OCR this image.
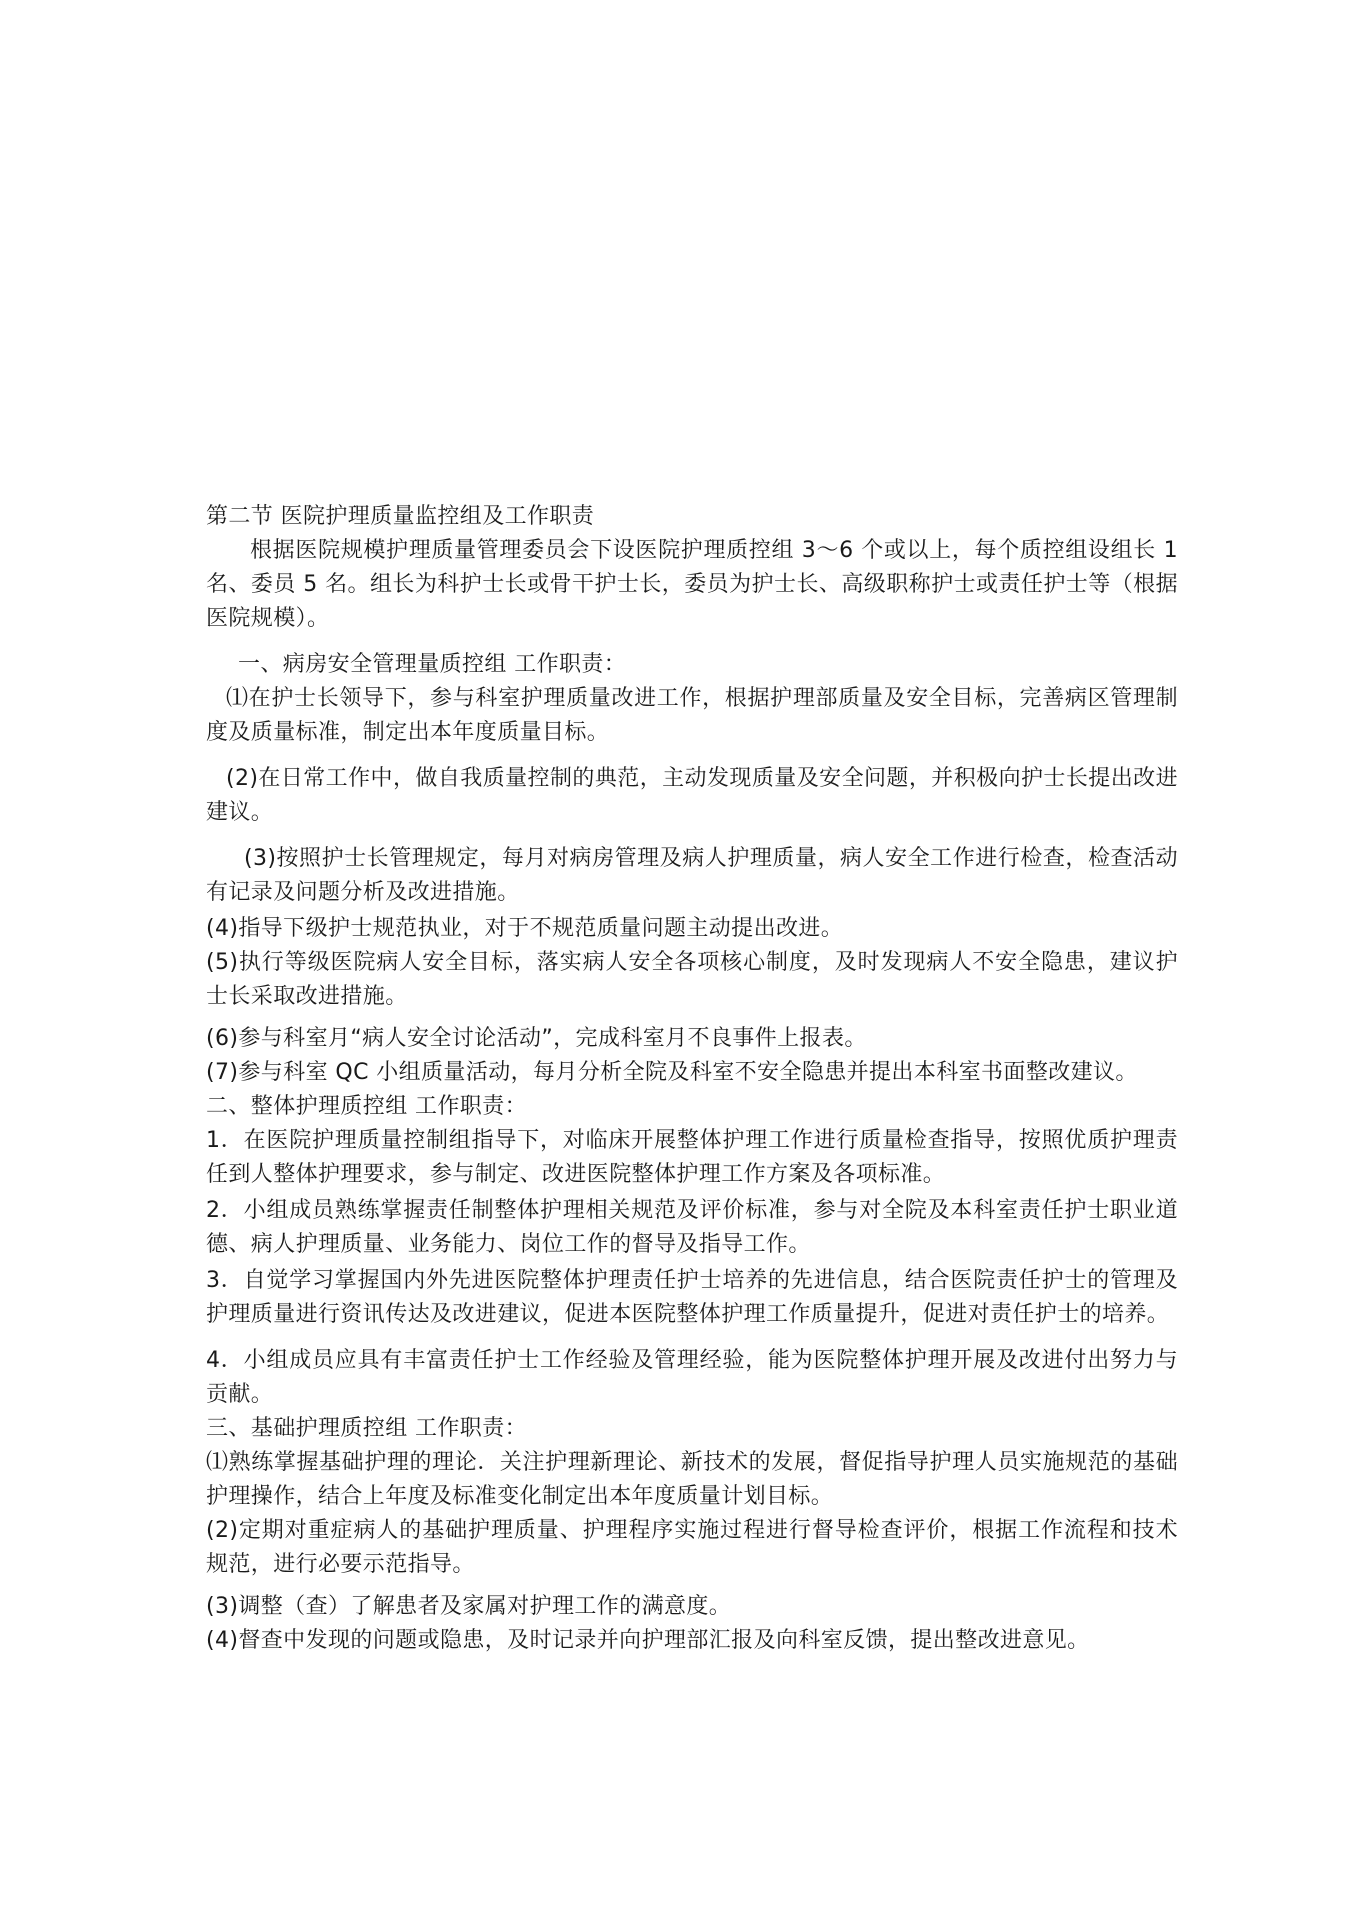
第二节 医院护理质量监控组及工作职责

根据医院规模护理质量管理委员会下设医院护理质控组 3～6 个或以上，每个质控组设组长 1 名、委员 5 名。组长为科护士长或骨干护士长，委员为护士长、高级职称护士或责任护士等（根据医院规模）。

一、病房安全管理量质控组 工作职责：

⑴在护士长领导下，参与科室护理质量改进工作，根据护理部质量及安全目标，完善病区管理制度及质量标准，制定出本年度质量目标。

(2)在日常工作中，做自我质量控制的典范，主动发现质量及安全问题，并积极向护士长提出改进建议。

(3)按照护士长管理规定，每月对病房管理及病人护理质量，病人安全工作进行检查，检查活动有记录及问题分析及改进措施。

(4)指导下级护士规范执业，对于不规范质量问题主动提出改进。

(5)执行等级医院病人安全目标，落实病人安全各项核心制度，及时发现病人不安全隐患，建议护士长采取改进措施。

(6)参与科室月“病人安全讨论活动”，完成科室月不良事件上报表。

(7)参与科室 QC 小组质量活动，每月分析全院及科室不安全隐患并提出本科室书面整改建议。

二、整体护理质控组 工作职责：

1．在医院护理质量控制组指导下，对临床开展整体护理工作进行质量检查指导，按照优质护理责任到人整体护理要求，参与制定、改进医院整体护理工作方案及各项标准。

2．小组成员熟练掌握责任制整体护理相关规范及评价标准，参与对全院及本科室责任护士职业道德、病人护理质量、业务能力、岗位工作的督导及指导工作。

3．自觉学习掌握国内外先进医院整体护理责任护士培养的先进信息，结合医院责任护士的管理及护理质量进行资讯传达及改进建议，促进本医院整体护理工作质量提升，促进对责任护士的培养。

4．小组成员应具有丰富责任护士工作经验及管理经验，能为医院整体护理开展及改进付出努力与贡献。

三、基础护理质控组 工作职责：

⑴熟练掌握基础护理的理论．关注护理新理论、新技术的发展，督促指导护理人员实施规范的基础护理操作，结合上年度及标准变化制定出本年度质量计划目标。

(2)定期对重症病人的基础护理质量、护理程序实施过程进行督导检查评价，根据工作流程和技术规范，进行必要示范指导。

(3)调整（查）了解患者及家属对护理工作的满意度。

(4)督查中发现的问题或隐患，及时记录并向护理部汇报及向科室反馈，提出整改进意见。
